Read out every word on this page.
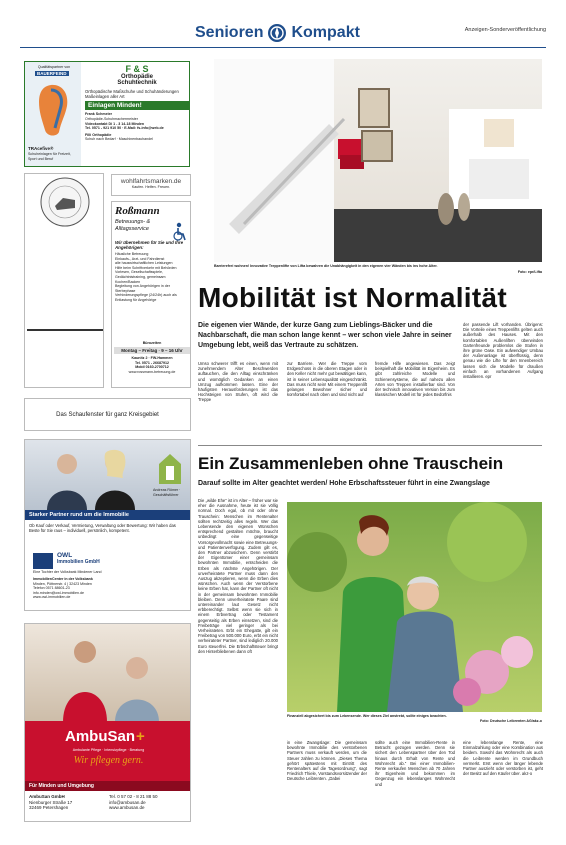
Senioren Kompakt	Anzeigen-Sonderveröffentlichung
Qualitätspartner von
BAUERFEIND
TRAcefive®
Schuheinlagen für Freizeit, Sport und Beruf
F & S
Orthopädie
Schuhtechnik
Orthopädische Maßschuhe und Schuhänderungen
Maßeinlagen aller Art
Einlagen Minden!
Frank Schmeier
Orthopädie-Schuhmachermeister
Videokontakt Di 1 - 3 14-18 Minden
Tel. 0571 - 921 910 50 · E-Mail: fs-info@web.de
Filli Orthopädie
Schuh nach Bedarf · Maschinenbauhandel
wohlfahrtsmarken.de
Kaufen. Helfen. Freuen.
Roßmann
Betreuungs- & Alltagsservice
Wir übernehmen für Sie und Ihre Angehörigen:
Häusliche Betreuung
Einkaufs-, Arzt- und Fahrdienst
alle hauswirtschaftlichen Leistungen
Hilfe beim Schriftverkehr mit Behörden
Vorlesen, Gesellschaftsspiele, Gedächtnistraining, gemeinsam Kochen/Backen
Begleitung von Angehörigen in der Sterbephase
Verhinderungspflege (24/24h) auch als Entlastung für Angehörige
Bürozeiten
Montag – Freitag · 9 – 16 Uhr
Kaunitz 2 · FW-Hammen
Tel. 0571 - 26687912
Mobil 0160-2700712
www.rossmann-betreuung.de
Das Schaufenster für ganz Kreisgebiet
Andreas Römer · Geschäftsführer
Starker Partner rund um die Immobilie
Ob Kauf oder Verkauf, Vermietung, Verwaltung oder Bewertung: Wir haben das Beste für Sie raus – individuell, persönlich, kompetent.
OWL
Immobilien GmbH
Eine Tochter der Volksbank Mindener Land
ImmobilienCenter in der Volksbank
Minden, Pöttnerstr. 4 | 32423 Minden
Telefon 0571 88601-23
info.minden@owl-immobilien.de
www.owl-immobilien.de
AmbuSan +
Ambulante Pflege · Intensivpflege · Beratung
Wir pflegen gern.
Für Minden und Umgebung
AmbuSan GmbH
Nienburger Straße 17
32469 Petershagen
Tel. 0 57 02 - 8 21 88 50
info@ambusan.de
www.ambusan.de
Barrierefrei wohnen! Innovative Treppenlifte von Lifta bewahren die Unabhängigkeit in den eigenen vier Wänden bis ins hohe Alter.
Foto: epr/Lifta
Mobilität ist Normalität
Die eigenen vier Wände, der kurze Gang zum Lieblings-Bäcker und die Nachbarschaft, die man schon lange kennt – wer schon viele Jahre in seiner Umgebung lebt, weiß das Vertraute zu schätzen.
der passende Lift vorhanden. Übrigens: Die Vorteile eines Treppenlifts gelten auch außerhalb des Hauses. Mit den komfortablen Außenliften überwinden Gartenfreunde problemlos die Stufen in ihre grüne Oase. Ein aufwendiger Umbau der Außenanlage ist überflüssig, denn genau wie die Lifte für den Innenbereich lassen sich die Modelle für draußen einfach an vorhandenen Aufgang installieren. epr
Umso schwerer trifft es einen, wenn mit zunehmendem Alter Beschwerden auftauchen, die den Alltag einschränken und womöglich Gedanken an einen Umzug aufkommen lassen. Eine der häufigsten Herausforderungen ist das Hochsteigen von Stufen, oft wird die Treppe
zur Barriere. Wer die Treppe vom Erdgeschoss in die oberen Etagen oder in den Keller nicht mehr gut bewältigen kann, ist in seiner Lebensqualität eingeschränkt. Das muss nicht sein! Mit einem Treppenlift gelangen Bewohner sicher und komfortabel nach oben und sind nicht auf
fremde Hilfe angewiesen. Das zeigt beispielhaft die Mobilität im Eigenheim. Es gibt zahlreiche Modelle und Schienensysteme, die auf nahezu allen Arten von Treppen installierbar sind. Von der technisch innovativen Version bis zum klassischen Modell ist für jedes Bedürfnis
Ein Zusammenleben ohne Trauschein
Darauf sollte im Alter geachtet werden/ Hohe Erbschaftssteuer führt in eine Zwangslage
Die „wilde Ehe“ ist im Alter – früher war sie eher die Ausnahme, heute ist sie völlig normal. Doch egal, ob mit oder ohne Trauschein: Menschen im Rentenalter sollten rechtzeitig alles regeln. Wer das Lebensende den eigenen Wünschen entsprechend gestalten möchte, braucht unbedingt eine gegenseitige Vorsorgevollmacht sowie eine Betreuungs- und Patientenverfügung. Zudem gilt es, den Partner abzusichern. Denn verstirbt der Eigentümer einer gemeinsam bewohnten Immobilie, entscheiden die Erben als nächste Angehörigen. Der unverheiratete Partner muss dann den Auszug akzeptieren, wenn die Erben dies wünschen. Auch wenn der Verstorbene keine Erben hat, kann der Partner oft nicht in der gemeinsam bewohnten Immobilie bleiben. Denn unverheiratete Paare sind untereinander laut Gesetz nicht erbberechtigt. Selbst wenn sie sich in einem Erbvertrag oder Testament gegenseitig als Erben einsetzen, sind die Freibeträge viel geringer als bei Verheirateten. Erbt ein Ehegatte, gilt ein Freibetrag von 500.000 Euro, erbt ein nicht verheirateter Partner, sind lediglich 20.000 Euro steuerfrei. Die Erbschaftsteuer bringt den Hinterbliebenen dann oft
Finanziell abgesichert bis zum Lebensende. Wer dieses Ziel anstrebt, sollte einiges beachten.
Foto: Deutsche Leibrenten AG/akz-o
in eine Zwangslage: Die gemeinsam bewohnte Immobilie des verstorbenen Partners muss verkauft werden, um die Steuer zahlen zu können. „Dieses Thema gehört spätestens mit Eintritt des Rentenalters auf die Tagesordnung“, sagt Friedrich Thiele, Vorstandsvorsitzender der Deutsche Leibrenten. „Dabei
sollte auch eine Immobilien-Rente in Betracht gezogen werden. Denn sie sichert den Lebenspartner über den Tod hinaus durch Erhalt von Rente und Wohnrecht ab.“ Bei einer Immobilien-Rente verkaufen Menschen ab 70 Jahren ihr Eigenheim und bekommen im Gegenzug ein lebenslanges Wohnrecht und
eine lebenslange Rente, eine Einmalzahlung oder eine Kombination aus beidem. Sowohl das Wohnrecht als auch die Leibrente werden im Grundbuch vermerkt. Erst wenn der länger lebende Partner auszieht oder verstorben ist, geht der Besitz auf den Käufer über. akz-o
